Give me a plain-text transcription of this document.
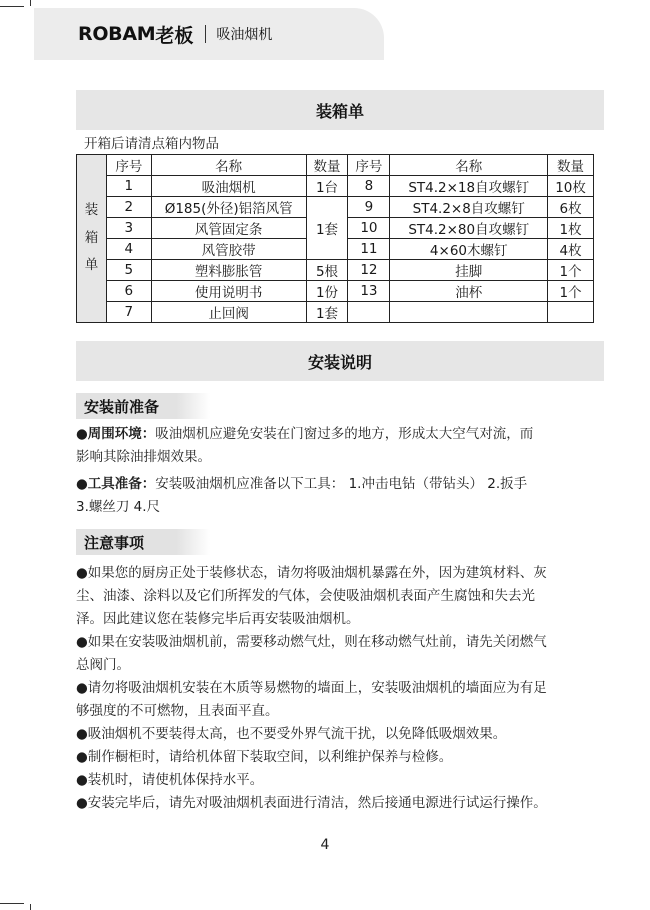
ROBAM 老板 吸油烟机
装箱单
开箱后请清点箱内物品
装
箱
单	序号	名称	数量	序号	名称	数量
	1	吸油烟机	1台	8	ST4.2×18自攻螺钉	10枚
	2	Ø185(外径)铝箔风管	1套	9	ST4.2×8自攻螺钉	6枚
	3	风管固定条		10	ST4.2×80自攻螺钉	1枚
	4	风管胶带		11	4×60木螺钉	4枚
	5	塑料膨胀管	5根	12	挂脚	1个
	6	使用说明书	1份	13	油杯	1个
	7	止回阀	1套			
安装说明
安装前准备
●周围环境：吸油烟机应避免安装在门窗过多的地方，形成太大空气对流，而
影响其除油排烟效果。
●工具准备：安装吸油烟机应准备以下工具： 1.冲击电钻（带钻头） 2.扳手
3.螺丝刀 4.尺
注意事项
●如果您的厨房正处于装修状态，请勿将吸油烟机暴露在外，因为建筑材料、灰
尘、油漆、涂料以及它们所挥发的气体，会使吸油烟机表面产生腐蚀和失去光
泽。因此建议您在装修完毕后再安装吸油烟机。
●如果在安装吸油烟机前，需要移动燃气灶，则在移动燃气灶前，请先关闭燃气
总阀门。
●请勿将吸油烟机安装在木质等易燃物的墙面上，安装吸油烟机的墙面应为有足
够强度的不可燃物，且表面平直。
●吸油烟机不要装得太高，也不要受外界气流干扰，以免降低吸烟效果。
●制作橱柜时，请给机体留下装取空间，以利维护保养与检修。
●装机时，请使机体保持水平。
●安装完毕后，请先对吸油烟机表面进行清洁，然后接通电源进行试运行操作。
4
